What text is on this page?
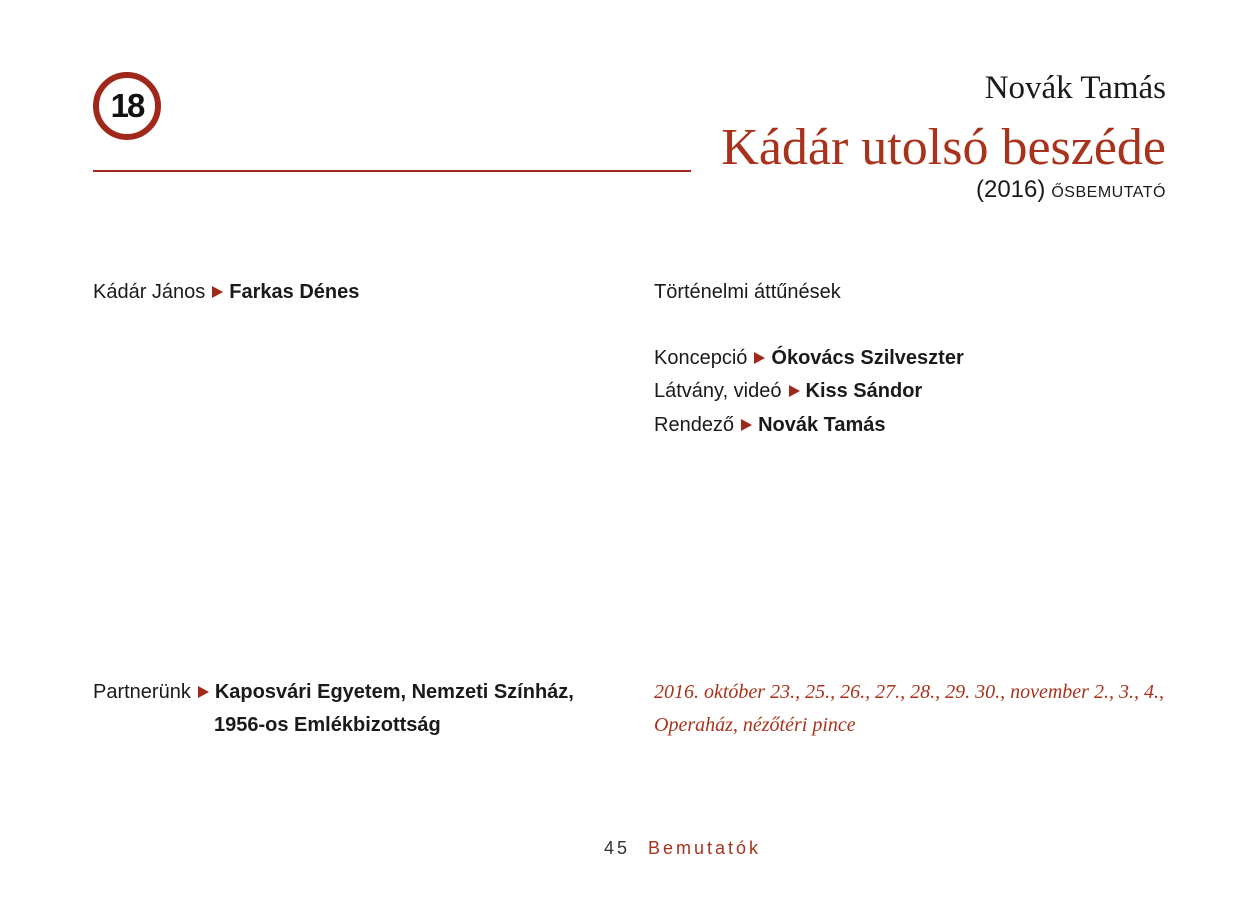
18	Novák Tamás
Kádár utolsó beszéde
(2016) ŐSBEMUTATÓ
Kádár János Farkas Dénes	Történelmi áttűnések
Koncepció Ókovács Szilveszter
Látvány, videó Kiss Sándor
Rendező Novák Tamás
Partnerünk Kaposvári Egyetem, Nemzeti Színház,
1956-os Emlékbizottság
2016. október 23., 25., 26., 27., 28., 29. 30., november 2., 3., 4.,
Operaház, nézőtéri pince
45 Bemutatók
